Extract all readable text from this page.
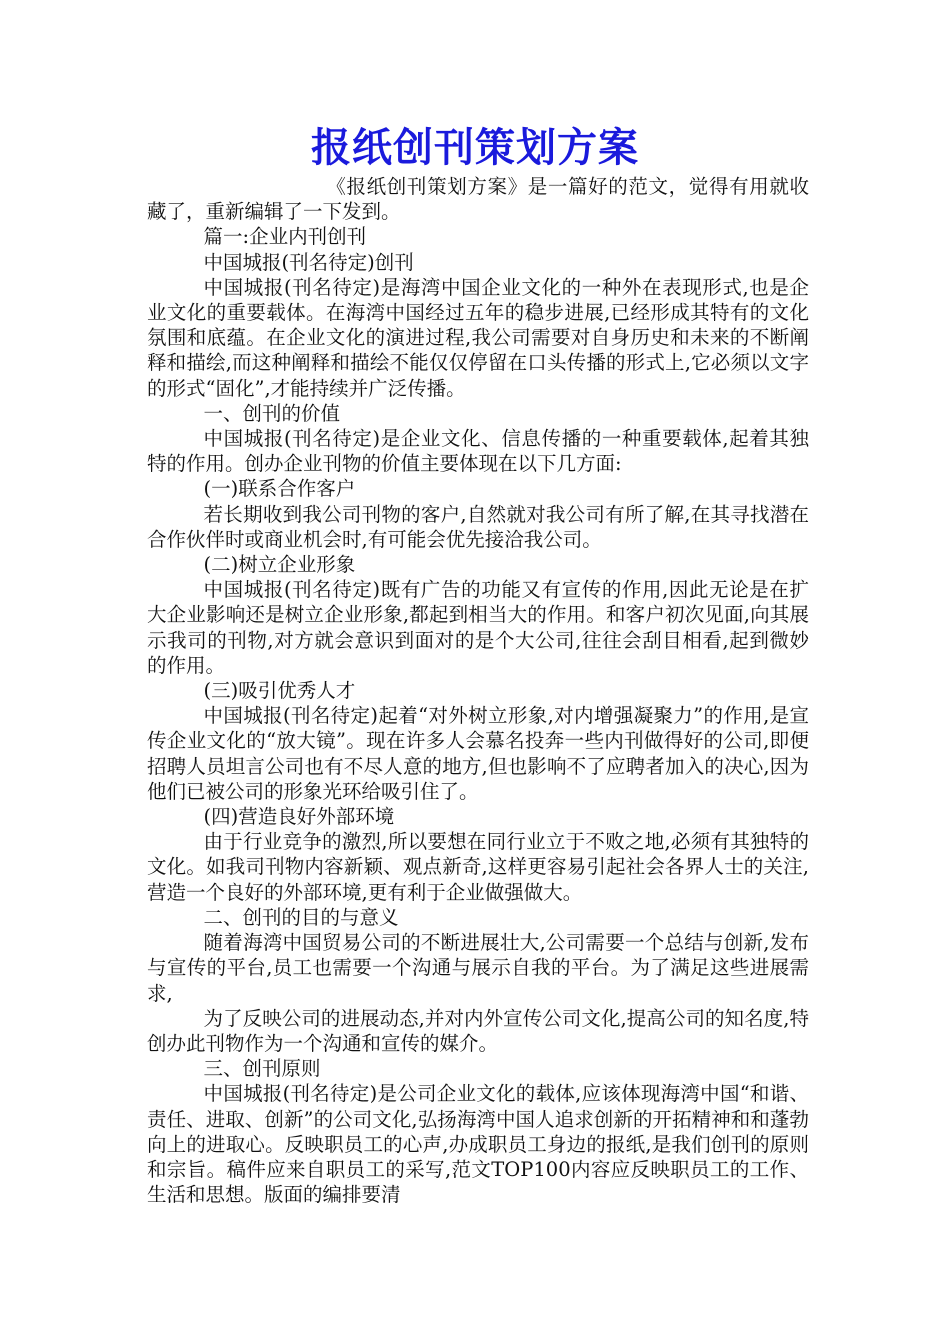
报纸创刊策划方案

《报纸创刊策划方案》是一篇好的范文，觉得有用就收藏了，重新编辑了一下发到。

篇一:企业内刊创刊

中国城报(刊名待定)创刊

中国城报(刊名待定)是海湾中国企业文化的一种外在表现形式,也是企业文化的重要载体。在海湾中国经过五年的稳步进展,已经形成其特有的文化氛围和底蕴。在企业文化的演进过程,我公司需要对自身历史和未来的不断阐释和描绘,而这种阐释和描绘不能仅仅停留在口头传播的形式上,它必须以文字的形式“固化”,才能持续并广泛传播。

一、创刊的价值

中国城报(刊名待定)是企业文化、信息传播的一种重要载体,起着其独特的作用。创办企业刊物的价值主要体现在以下几方面:

(一)联系合作客户

若长期收到我公司刊物的客户,自然就对我公司有所了解,在其寻找潜在合作伙伴时或商业机会时,有可能会优先接洽我公司。

(二)树立企业形象

中国城报(刊名待定)既有广告的功能又有宣传的作用,因此无论是在扩大企业影响还是树立企业形象,都起到相当大的作用。和客户初次见面,向其展示我司的刊物,对方就会意识到面对的是个大公司,往往会刮目相看,起到微妙的作用。

(三)吸引优秀人才

中国城报(刊名待定)起着“对外树立形象,对内增强凝聚力”的作用,是宣传企业文化的“放大镜”。现在许多人会慕名投奔一些内刊做得好的公司,即便招聘人员坦言公司也有不尽人意的地方,但也影响不了应聘者加入的决心,因为他们已被公司的形象光环给吸引住了。

(四)营造良好外部环境

由于行业竞争的激烈,所以要想在同行业立于不败之地,必须有其独特的文化。如我司刊物内容新颖、观点新奇,这样更容易引起社会各界人士的关注,营造一个良好的外部环境,更有利于企业做强做大。

二、创刊的目的与意义

随着海湾中国贸易公司的不断进展壮大,公司需要一个总结与创新,发布与宣传的平台,员工也需要一个沟通与展示自我的平台。为了满足这些进展需求,

为了反映公司的进展动态,并对内外宣传公司文化,提高公司的知名度,特创办此刊物作为一个沟通和宣传的媒介。

三、创刊原则

中国城报(刊名待定)是公司企业文化的载体,应该体现海湾中国“和谐、责任、进取、创新”的公司文化,弘扬海湾中国人追求创新的开拓精神和和蓬勃向上的进取心。反映职员工的心声,办成职员工身边的报纸,是我们创刊的原则和宗旨。稿件应来自职员工的采写,范文TOP100内容应反映职员工的工作、生活和思想。版面的编排要清
